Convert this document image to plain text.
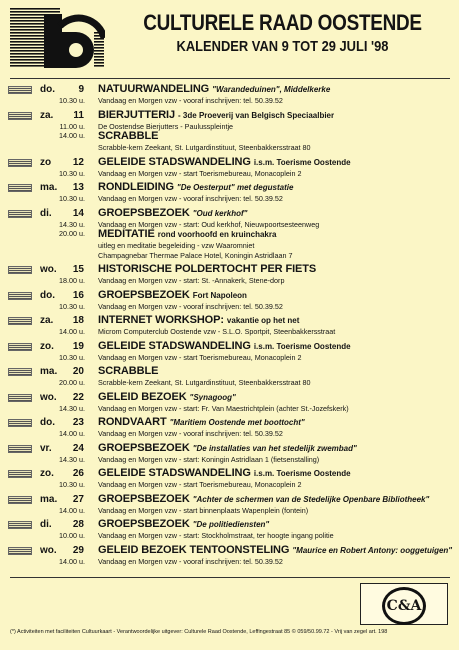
CULTURELE RAAD OOSTENDE
KALENDER VAN 9 TOT 29 JULI '98
do.	9 NATUURWANDELING "Warandeduinen", Middelkerke
10.30 u. Vandaag en Morgen vzw - vooraf inschrijven: tel. 50.39.52
za.	11 BIERJUTTERIJ - 3de Proeverij van Belgisch Speciaalbier
11.00 u. De Oostendse Bierjutters - Paulusspleintje
14.00 u. SCRABBLE
Scrabble-kern Zeekant, St. Lutgardinstituut, Steenbakkersstraat 80
zo	12 GELEIDE STADSWANDELING i.s.m. Toerisme Oostende
10.30 u. Vandaag en Morgen vzw - start Toerismebureau, Monacoplein 2
ma.	13 RONDLEIDING "De Oesterput" met degustatie
10.30 u. Vandaag en Morgen vzw - vooraf inschrijven: tel. 50.39.52
di.	14 GROEPSBEZOEK "Oud kerkhof"
14.30 u. Vandaag en Morgen vzw - start: Oud kerkhof, Nieuwpoortsesteenweg
20.00 u. MEDITATIE rond voorhoofd en kruinchakra
uitleg en meditatie begeleiding - vzw Waaromniet
Champagnebar Thermae Palace Hotel, Koningin Astridlaan 7
wo.	15 HISTORISCHE POLDERTOCHT PER FIETS
18.00 u. Vandaag en Morgen vzw - start: St. -Annakerk, Stene-dorp
do.	16 GROEPSBEZOEK Fort Napoleon
10.30 u. Vandaag en Morgen vzw - vooraf inschrijven: tel. 50.39.52
za.	18 INTERNET WORKSHOP: vakantie op het net
14.00 u. Microm Computerclub Oostende vzw - S.L.O. Sportpit, Steenbakkersstraat
zo.	19 GELEIDE STADSWANDELING i.s.m. Toerisme Oostende
10.30 u. Vandaag en Morgen vzw - start Toerismebureau, Monacoplein 2
ma.	20 SCRABBLE
20.00 u. Scrabble-kern Zeekant, St. Lutgardinstituut, Steenbakkersstraat 80
wo.	22 GELEID BEZOEK "Synagoog"
14.30 u. Vandaag en Morgen vzw - start: Fr. Van Maestrichtplein (achter St.-Jozefskerk)
do.	23 RONDVAART "Maritiem Oostende met boottocht"
14.00 u. Vandaag en Morgen vzw - vooraf inschrijven: tel. 50.39.52
vr.	24 GROEPSBEZOEK "De installaties van het stedelijk zwembad"
14.30 u. Vandaag en Morgen vzw - start: Koningin Astridlaan 1 (fietsenstalling)
zo.	26 GELEIDE STADSWANDELING i.s.m. Toerisme Oostende
10.30 u. Vandaag en Morgen vzw - start Toerismebureau, Monacoplein 2
ma.	27 GROEPSBEZOEK "Achter de schermen van de Stedelijke Openbare Bibliotheek"
14.00 u. Vandaag en Morgen vzw - start binnenplaats Wapenplein (fontein)
di.	28 GROEPSBEZOEK "De politiediensten"
10.00 u. Vandaag en Morgen vzw - start: Stockholmstraat, ter hoogte ingang politie
wo.	29 GELEID BEZOEK TENTOONSTELING "Maurice en Robert Antony: ooggetuigen"
14.00 u. Vandaag en Morgen vzw - vooraf inschrijven: tel. 50.39.52
C&A
(*) Activiteiten met faciliteiten Cultuurkaart - Verantwoordelijke uitgever: Culturele Raad Oostende, Leffingestraat 85 © 059/50.99.72 - Vrij van zegel art. 198
